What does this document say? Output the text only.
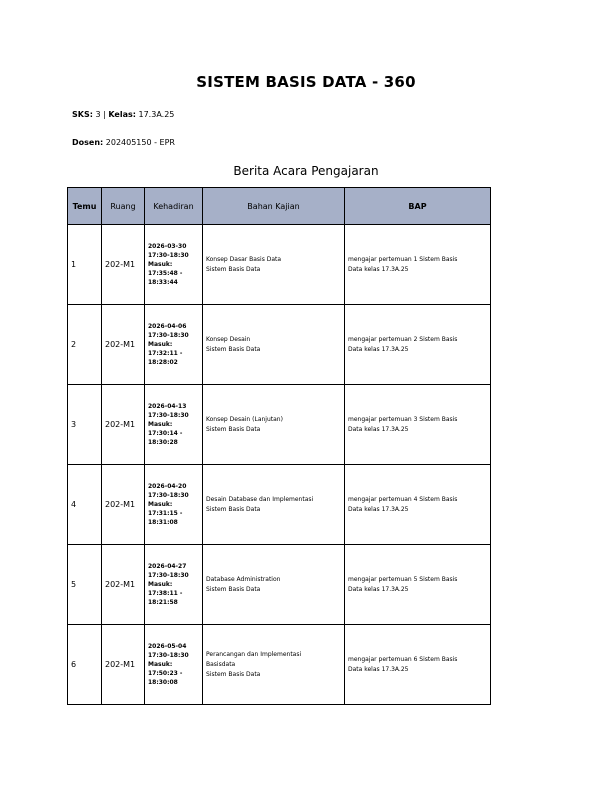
SISTEM BASIS DATA - 360
SKS: 3 | Kelas: 17.3A.25
Dosen: 202405150 - EPR
Berita Acara Pengajaran
Temu	Ruang	Kehadiran	Bahan Kajian	BAP
1	202-M1	2026-03-30
17:30-18:30
Masuk:
17:35:48 -
18:33:44	Konsep Dasar Basis Data
Sistem Basis Data	mengajar pertemuan 1 Sistem Basis
Data kelas 17.3A.25

2	202-M1	2026-04-06
17:30-18:30
Masuk:
17:32:11 -
18:28:02	Konsep Desain
Sistem Basis Data	mengajar pertemuan 2 Sistem Basis
Data kelas 17.3A.25

3	202-M1	2026-04-13
17:30-18:30
Masuk:
17:30:14 -
18:30:28	Konsep Desain (Lanjutan)
Sistem Basis Data	mengajar pertemuan 3 Sistem Basis
Data kelas 17.3A.25

4	202-M1	2026-04-20
17:30-18:30
Masuk:
17:31:15 -
18:31:08	Desain Database dan Implementasi
Sistem Basis Data	mengajar pertemuan 4 Sistem Basis
Data kelas 17.3A.25

5	202-M1	2026-04-27
17:30-18:30
Masuk:
17:38:11 -
18:21:58	Database Administration
Sistem Basis Data	mengajar pertemuan 5 Sistem Basis
Data kelas 17.3A.25

6	202-M1	2026-05-04
17:30-18:30
Masuk:
17:50:23 -
18:30:08	Perancangan dan Implementasi
Basisdata
Sistem Basis Data	mengajar pertemuan 6 Sistem Basis
Data kelas 17.3A.25
